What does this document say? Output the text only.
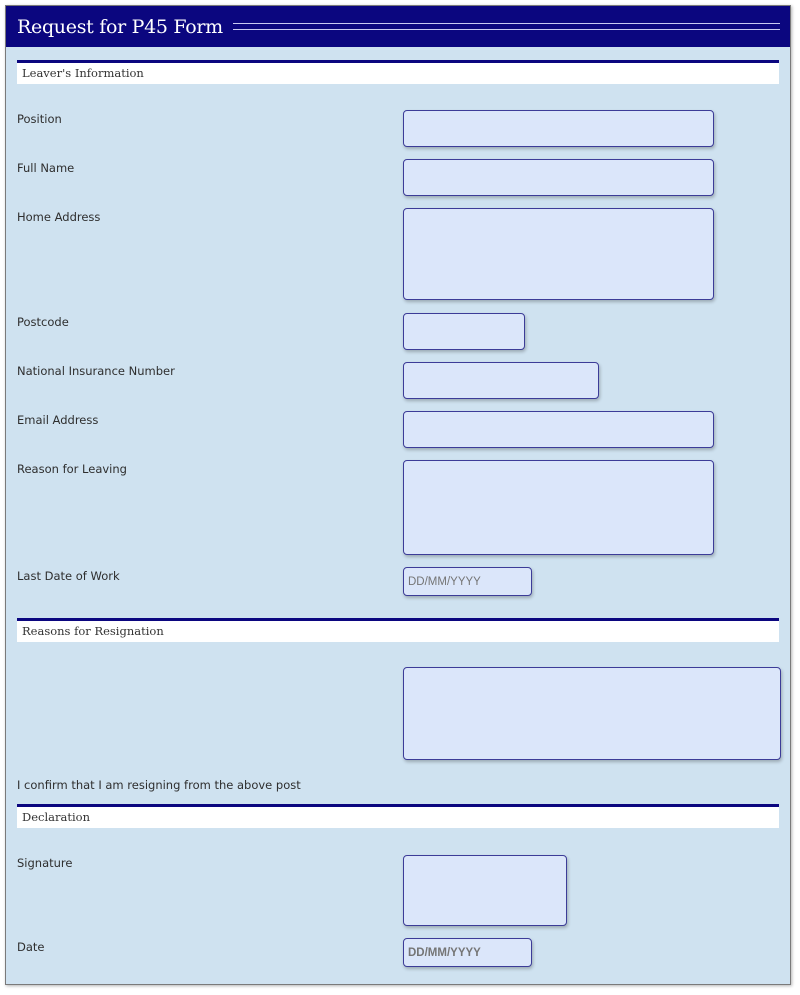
Request for P45 Form
Leaver's Information
Position
Full Name
Home Address
Postcode
National Insurance Number
Email Address
Reason for Leaving
Last Date of Work
DD/MM/YYYY
Reasons for Resignation
I confirm that I am resigning from the above post
Declaration
Signature
Date
DD/MM/YYYY
